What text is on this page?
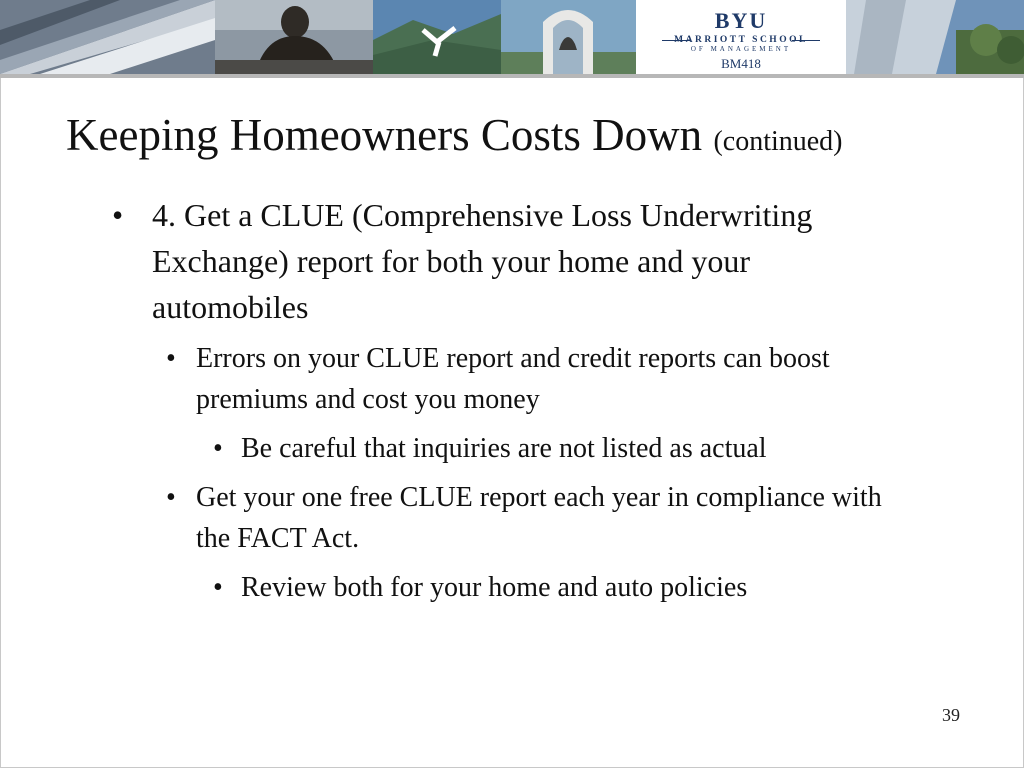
BYU
MARRIOTT SCHOOL
OF MANAGEMENT
BM418
Keeping Homeowners Costs Down (continued)
• 4. Get a CLUE (Comprehensive Loss Underwriting Exchange) report for both your home and your automobiles
• Errors on your CLUE report and credit reports can boost premiums and cost you money
• Be careful that inquiries are not listed as actual
• Get your one free CLUE report each year in compliance with the FACT Act.
• Review both for your home and auto policies
39
